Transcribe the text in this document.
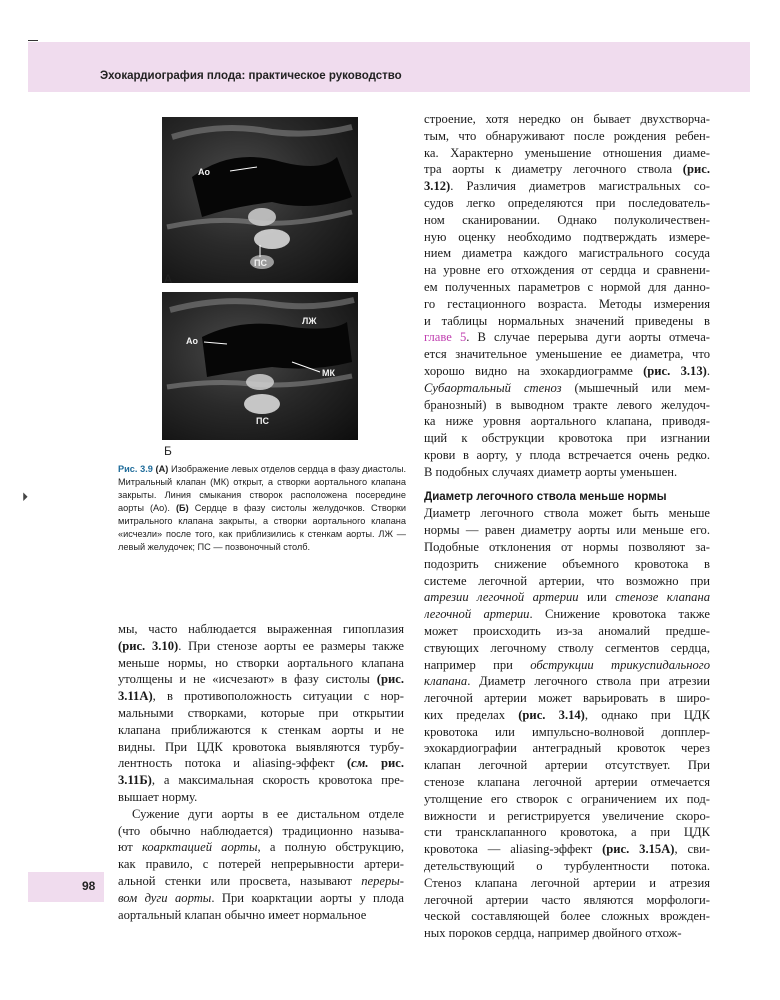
Эхокардиография плода: практическое руководство
⏵
Ао
ПС
А
ЛЖ
Ао
МК
ПС
Б
Рис. 3.9 (А) Изображение левых отделов сердца в фазу диастолы. Митральный клапан (МК) открыт, а створки аортального клапана закрыты. Линия смыкания створок расположена посередине аорты (Ао). (Б) Сердце в фазу систолы желудочков. Створки митрального клапана закрыты, а створки аортального клапана «исчезли» после того, как приблизились к стенкам аорты. ЛЖ — левый желудочек; ПС — позвоночный столб.
мы, часто наблюдается выраженная гипоплазия
(рис. 3.10). При стенозе аорты ее размеры также
меньше нормы, но створки аортального клапана
утолщены и не «исчезают» в фазу систолы (рис.
3.11А), в противоположность ситуации с нор-
мальными створками, которые при открытии
клапана приближаются к стенкам аорты и не
видны. При ЦДК кровотока выявляются турбу-
лентность потока и aliasing-эффект (см. рис.
3.11Б), а максимальная скорость кровотока пре-
вышает норму.
Сужение дуги аорты в ее дистальном отделе
(что обычно наблюдается) традиционно называ-
ют коарктацией аорты, а полную обструкцию,
как правило, с потерей непрерывности артери-
альной стенки или просвета, называют переры-
вом дуги аорты. При коарктации аорты у плода
аортальный клапан обычно имеет нормальное
строение, хотя нередко он бывает двухстворча-
тым, что обнаруживают после рождения ребен-
ка. Характерно уменьшение отношения диаме-
тра аорты к диаметру легочного ствола (рис.
3.12). Различия диаметров магистральных со-
судов легко определяются при последователь-
ном сканировании. Однако полуколичествен-
ную оценку необходимо подтверждать измере-
нием диаметра каждого магистрального сосуда
на уровне его отхождения от сердца и сравнени-
ем полученных параметров с нормой для данно-
го гестационного возраста. Методы измерения
и таблицы нормальных значений приведены в
главе 5. В случае перерыва дуги аорты отмеча-
ется значительное уменьшение ее диаметра, что
хорошо видно на эхокардиограмме (рис. 3.13).
Субаортальный стеноз (мышечный или мем-
бранозный) в выводном тракте левого желудоч-
ка ниже уровня аортального клапана, приводя-
щий к обструкции кровотока при изгнании
крови в аорту, у плода встречается очень редко.
В подобных случаях диаметр аорты уменьшен.
Диаметр легочного ствола меньше нормы
Диаметр легочного ствола может быть меньше
нормы — равен диаметру аорты или меньше его.
Подобные отклонения от нормы позволяют за-
подозрить снижение объемного кровотока в
системе легочной артерии, что возможно при
атрезии легочной артерии или стенозе клапана
легочной артерии. Снижение кровотока также
может происходить из-за аномалий предше-
ствующих легочному стволу сегментов сердца,
например при обструкции трикуспидального
клапана. Диаметр легочного ствола при атрезии
легочной артерии может варьировать в широ-
ких пределах (рис. 3.14), однако при ЦДК
кровотока или импульсно-волновой допплер-
эхокардиографии антеградный кровоток через
клапан легочной артерии отсутствует. При
стенозе клапана легочной артерии отмечается
утолщение его створок с ограничением их под-
вижности и регистрируется увеличение скоро-
сти трансклапанного кровотока, а при ЦДК
кровотока — aliasing-эффект (рис. 3.15А), сви-
детельствующий о турбулентности потока.
Стеноз клапана легочной артерии и атрезия
легочной артерии часто являются морфологи-
ческой составляющей более сложных врожден-
ных пороков сердца, например двойного отхож-
98
